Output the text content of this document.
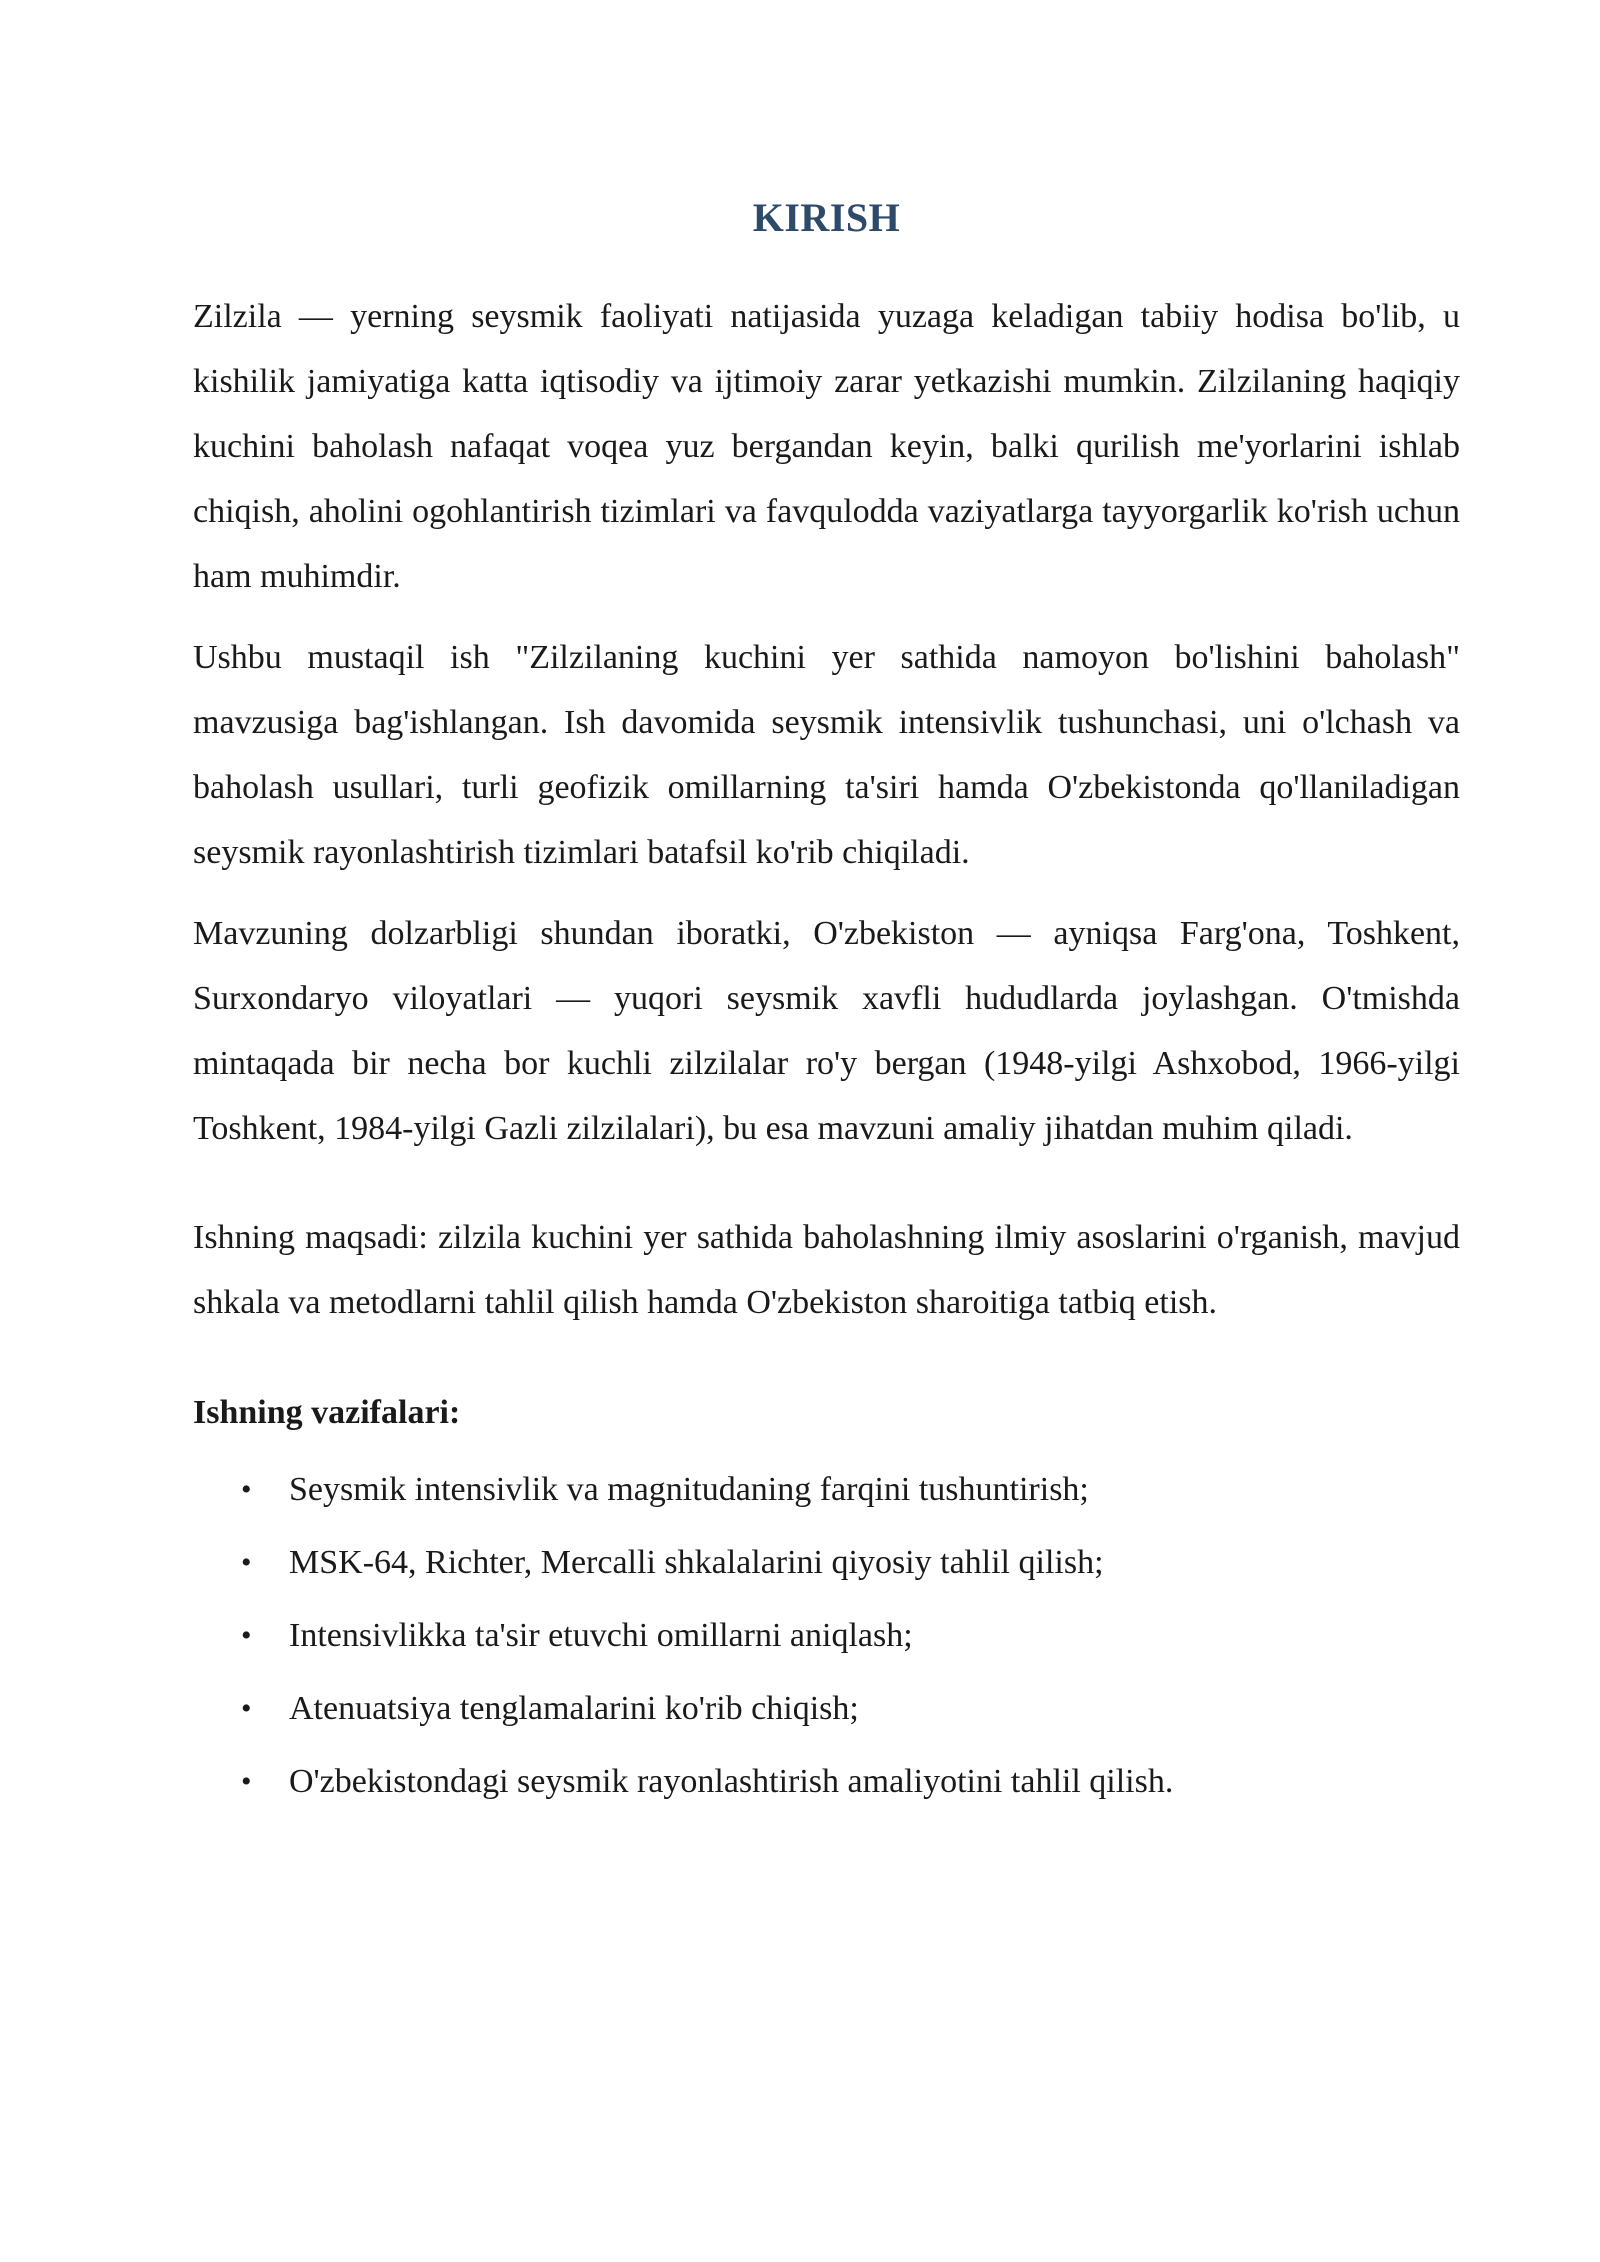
KIRISH

Zilzila — yerning seysmik faoliyati natijasida yuzaga keladigan tabiiy hodisa bo'lib, u kishilik jamiyatiga katta iqtisodiy va ijtimoiy zarar yetkazishi mumkin. Zilzilaning haqiqiy kuchini baholash nafaqat voqea yuz bergandan keyin, balki qurilish me'yorlarini ishlab chiqish, aholini ogohlantirish tizimlari va favqulodda vaziyatlarga tayyorgarlik ko'rish uchun ham muhimdir.

Ushbu mustaqil ish "Zilzilaning kuchini yer sathida namoyon bo'lishini baholash" mavzusiga bag'ishlangan. Ish davomida seysmik intensivlik tushunchasi, uni o'lchash va baholash usullari, turli geofizik omillarning ta'siri hamda O'zbekistonda qo'llaniladigan seysmik rayonlashtirish tizimlari batafsil ko'rib chiqiladi.

Mavzuning dolzarbligi shundan iboratki, O'zbekiston — ayniqsa Farg'ona, Toshkent, Surxondaryo viloyatlari — yuqori seysmik xavfli hududlarda joylashgan. O'tmishda mintaqada bir necha bor kuchli zilzilalar ro'y bergan (1948-yilgi Ashxobod, 1966-yilgi Toshkent, 1984-yilgi Gazli zilzilalari), bu esa mavzuni amaliy jihatdan muhim qiladi.

Ishning maqsadi: zilzila kuchini yer sathida baholashning ilmiy asoslarini o'rganish, mavjud shkala va metodlarni tahlil qilish hamda O'zbekiston sharoitiga tatbiq etish.

Ishning vazifalari:
• Seysmik intensivlik va magnitudaning farqini tushuntirish;
• MSK-64, Richter, Mercalli shkalalarini qiyosiy tahlil qilish;
• Intensivlikka ta'sir etuvchi omillarni aniqlash;
• Atenuatsiya tenglamalarini ko'rib chiqish;
• O'zbekistondagi seysmik rayonlashtirish amaliyotini tahlil qilish.
